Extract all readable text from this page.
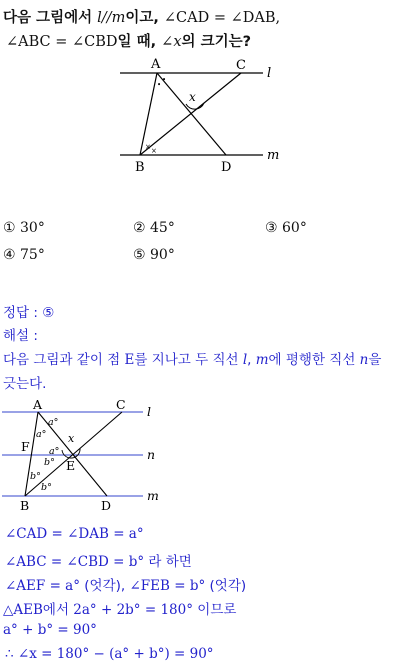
다음 그림에서 l//m이고, ∠CAD = ∠DAB,
∠ABC = ∠CBD일 때, ∠x의 크기는?
A	C
B	D
l
m
x
•
•
× ×
① 30°	② 45°	③ 60°
④ 75°	⑤ 90°
정답 : ⑤
해설 :
다음 그림과 같이 점 E를 지나고 두 직선 l, m에 평행한 직선 n을
긋는다.
A	C
F
E
B	D
l
n
m
x
a°
a°
a°
b°
b°
b°
∠CAD = ∠DAB = a°
∠ABC = ∠CBD = b° 라 하면
∠AEF = a° (엇각), ∠FEB = b° (엇각)
△AEB에서 2a° + 2b° = 180° 이므로
a° + b° = 90°
∴ ∠x = 180° − (a° + b°) = 90°
